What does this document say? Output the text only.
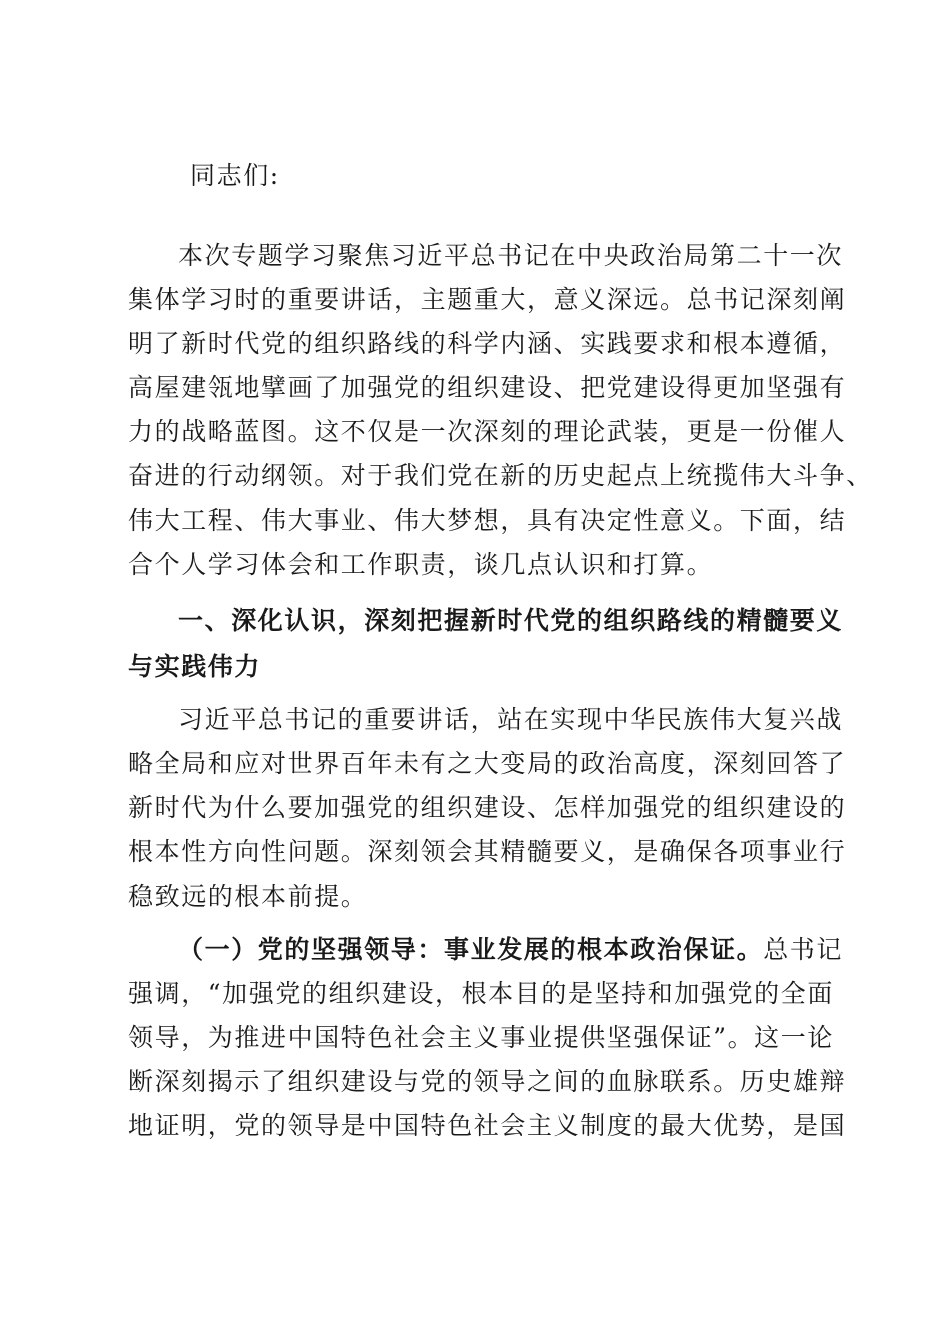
同志们:
本次专题学习聚焦习近平总书记在中央政治局第二十一次
集体学习时的重要讲话，主题重大，意义深远。总书记深刻阐
明了新时代党的组织路线的科学内涵、实践要求和根本遵循，
高屋建瓴地擘画了加强党的组织建设、把党建设得更加坚强有
力的战略蓝图。这不仅是一次深刻的理论武装，更是一份催人
奋进的行动纲领。对于我们党在新的历史起点上统揽伟大斗争、
伟大工程、伟大事业、伟大梦想，具有决定性意义。下面，结
合个人学习体会和工作职责，谈几点认识和打算。
一、深化认识，深刻把握新时代党的组织路线的精髓要义
与实践伟力
习近平总书记的重要讲话，站在实现中华民族伟大复兴战
略全局和应对世界百年未有之大变局的政治高度，深刻回答了
新时代为什么要加强党的组织建设、怎样加强党的组织建设的
根本性方向性问题。深刻领会其精髓要义，是确保各项事业行
稳致远的根本前提。
（一）党的坚强领导：事业发展的根本政治保证。总书记
强调，“加强党的组织建设，根本目的是坚持和加强党的全面
领导，为推进中国特色社会主义事业提供坚强保证”。这一论
断深刻揭示了组织建设与党的领导之间的血脉联系。历史雄辩
地证明，党的领导是中国特色社会主义制度的最大优势，是国
